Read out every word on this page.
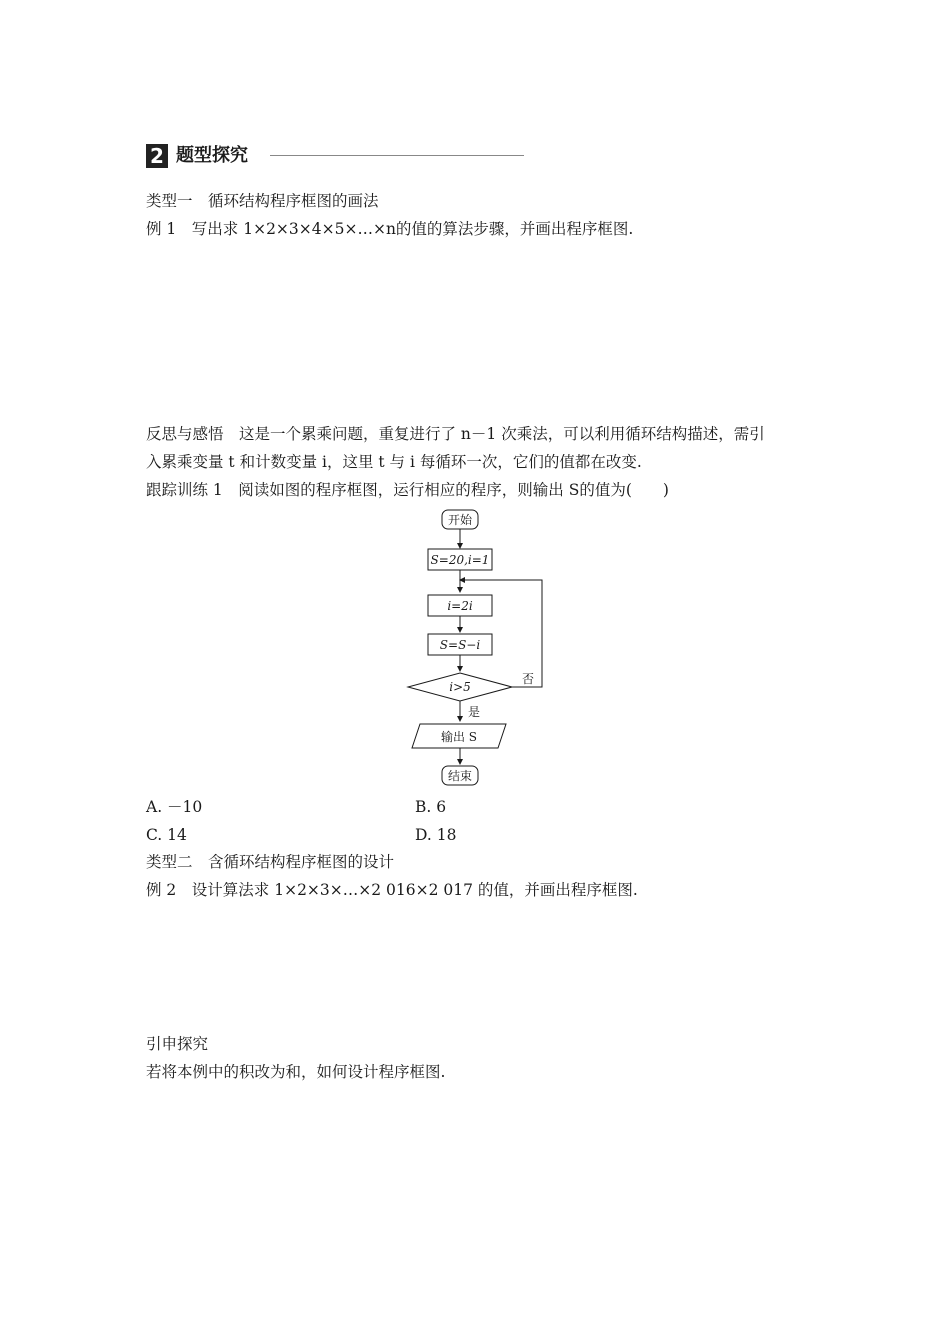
2 题型探究
类型一　循环结构程序框图的画法
例 1　写出求 1×2×3×4×5×…×n的值的算法步骤，并画出程序框图.
反思与感悟　这是一个累乘问题，重复进行了 n－1 次乘法，可以利用循环结构描述，需引
入累乘变量 t 和计数变量 i，这里 t 与 i 每循环一次，它们的值都在改变.
跟踪训练 1　阅读如图的程序框图，运行相应的程序，则输出 S的值为(　　)
开始
S=20,i=1
i=2i
S=S−i
i>5
否
是
输出 S
结束
A. －10	B. 6
C. 14	D. 18
类型二　含循环结构程序框图的设计
例 2　设计算法求 1×2×3×…×2 016×2 017 的值，并画出程序框图.
引申探究
若将本例中的积改为和，如何设计程序框图.
